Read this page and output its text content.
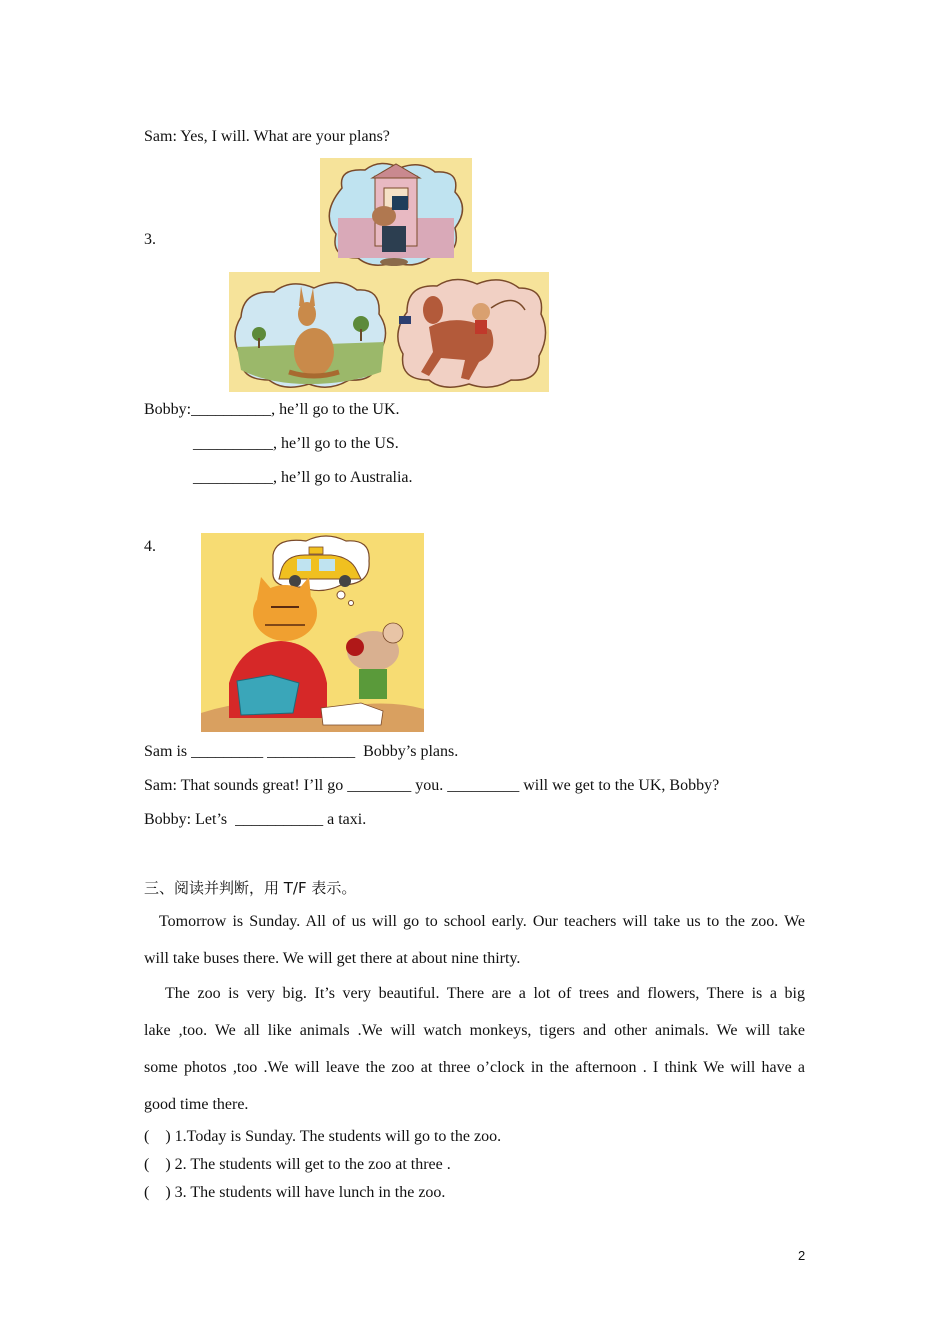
Sam: Yes, I will. What are your plans?
3.
Bobby:__________, he’ll go to the UK.
__________, he’ll go to the US.
__________, he’ll go to Australia.
4.
Sam is _________ ___________  Bobby’s plans.
Sam: That sounds great! I’ll go ________ you. _________ will we get to the UK, Bobby?
Bobby: Let’s  ___________ a taxi.
三、阅读并判断，用 T/F 表示。
Tomorrow is Sunday. All of us will go to school early. Our teachers will take us to the zoo. We
will take buses there. We will get there at about nine thirty.
The zoo is very big. It’s very beautiful. There are a lot of trees and flowers, There is a big
lake ,too. We all like animals .We will watch monkeys, tigers and other animals. We will take
some photos ,too .We will leave the zoo at three o’clock in the afternoon . I think We will have a
good time there.
(    ) 1.Today is Sunday. The students will go to the zoo.
(    ) 2. The students will get to the zoo at three .
(    ) 3. The students will have lunch in the zoo.
2
